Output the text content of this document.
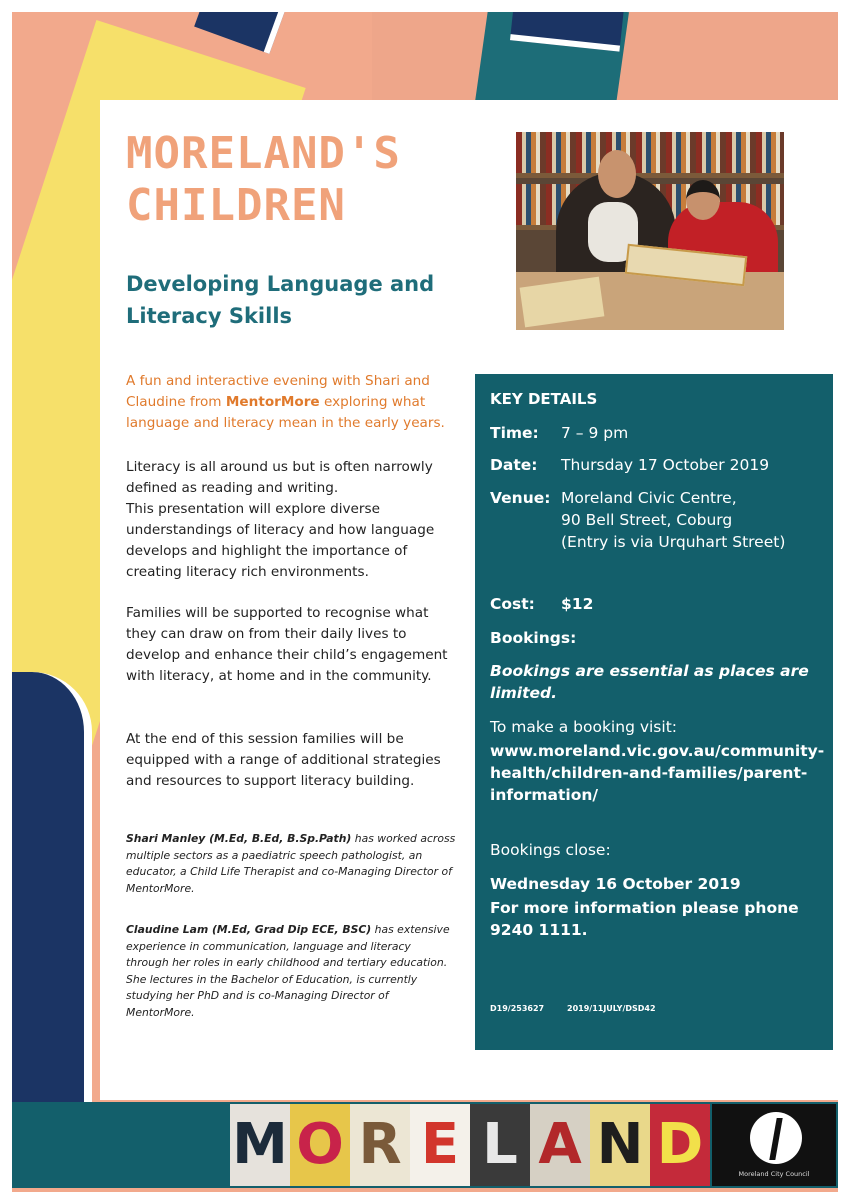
MORELAND'S
CHILDREN
Developing Language and
Literacy Skills
A fun and interactive evening with Shari and Claudine from MentorMore exploring what language and literacy mean in the early years.
Literacy is all around us but is often narrowly defined as reading and writing.
This presentation will explore diverse understandings of literacy and how language develops and highlight the importance of creating literacy rich environments.
Families will be supported to recognise what they can draw on from their daily lives to develop and enhance their child’s engagement with literacy, at home and in the community.
At the end of this session families will be equipped with a range of additional strategies and resources to support literacy building.
Shari Manley (M.Ed, B.Ed, B.Sp.Path) has worked across multiple sectors as a paediatric speech pathologist, an educator, a Child Life Therapist and co-Managing Director of MentorMore.
Claudine Lam (M.Ed, Grad Dip ECE, BSC) has extensive experience in communication, language and literacy through her roles in early childhood and tertiary education. She lectures in the Bachelor of Education, is currently studying her PhD and is co-Managing Director of MentorMore.
KEY DETAILS
Time: 7 – 9 pm
Date: Thursday 17 October 2019
Venue: Moreland Civic Centre,
90 Bell Street, Coburg
(Entry is via Urquhart Street)
Cost: $12
Bookings:
Bookings are essential as places are limited.
To make a booking visit:
www.moreland.vic.gov.au/community-health/children-and-families/parent-information/
Bookings close:
Wednesday 16 October 2019
For more information please phone 9240 1111.
D19/253627	2019/11JULY/DSD42
M O R E L A N D	Moreland City Council
